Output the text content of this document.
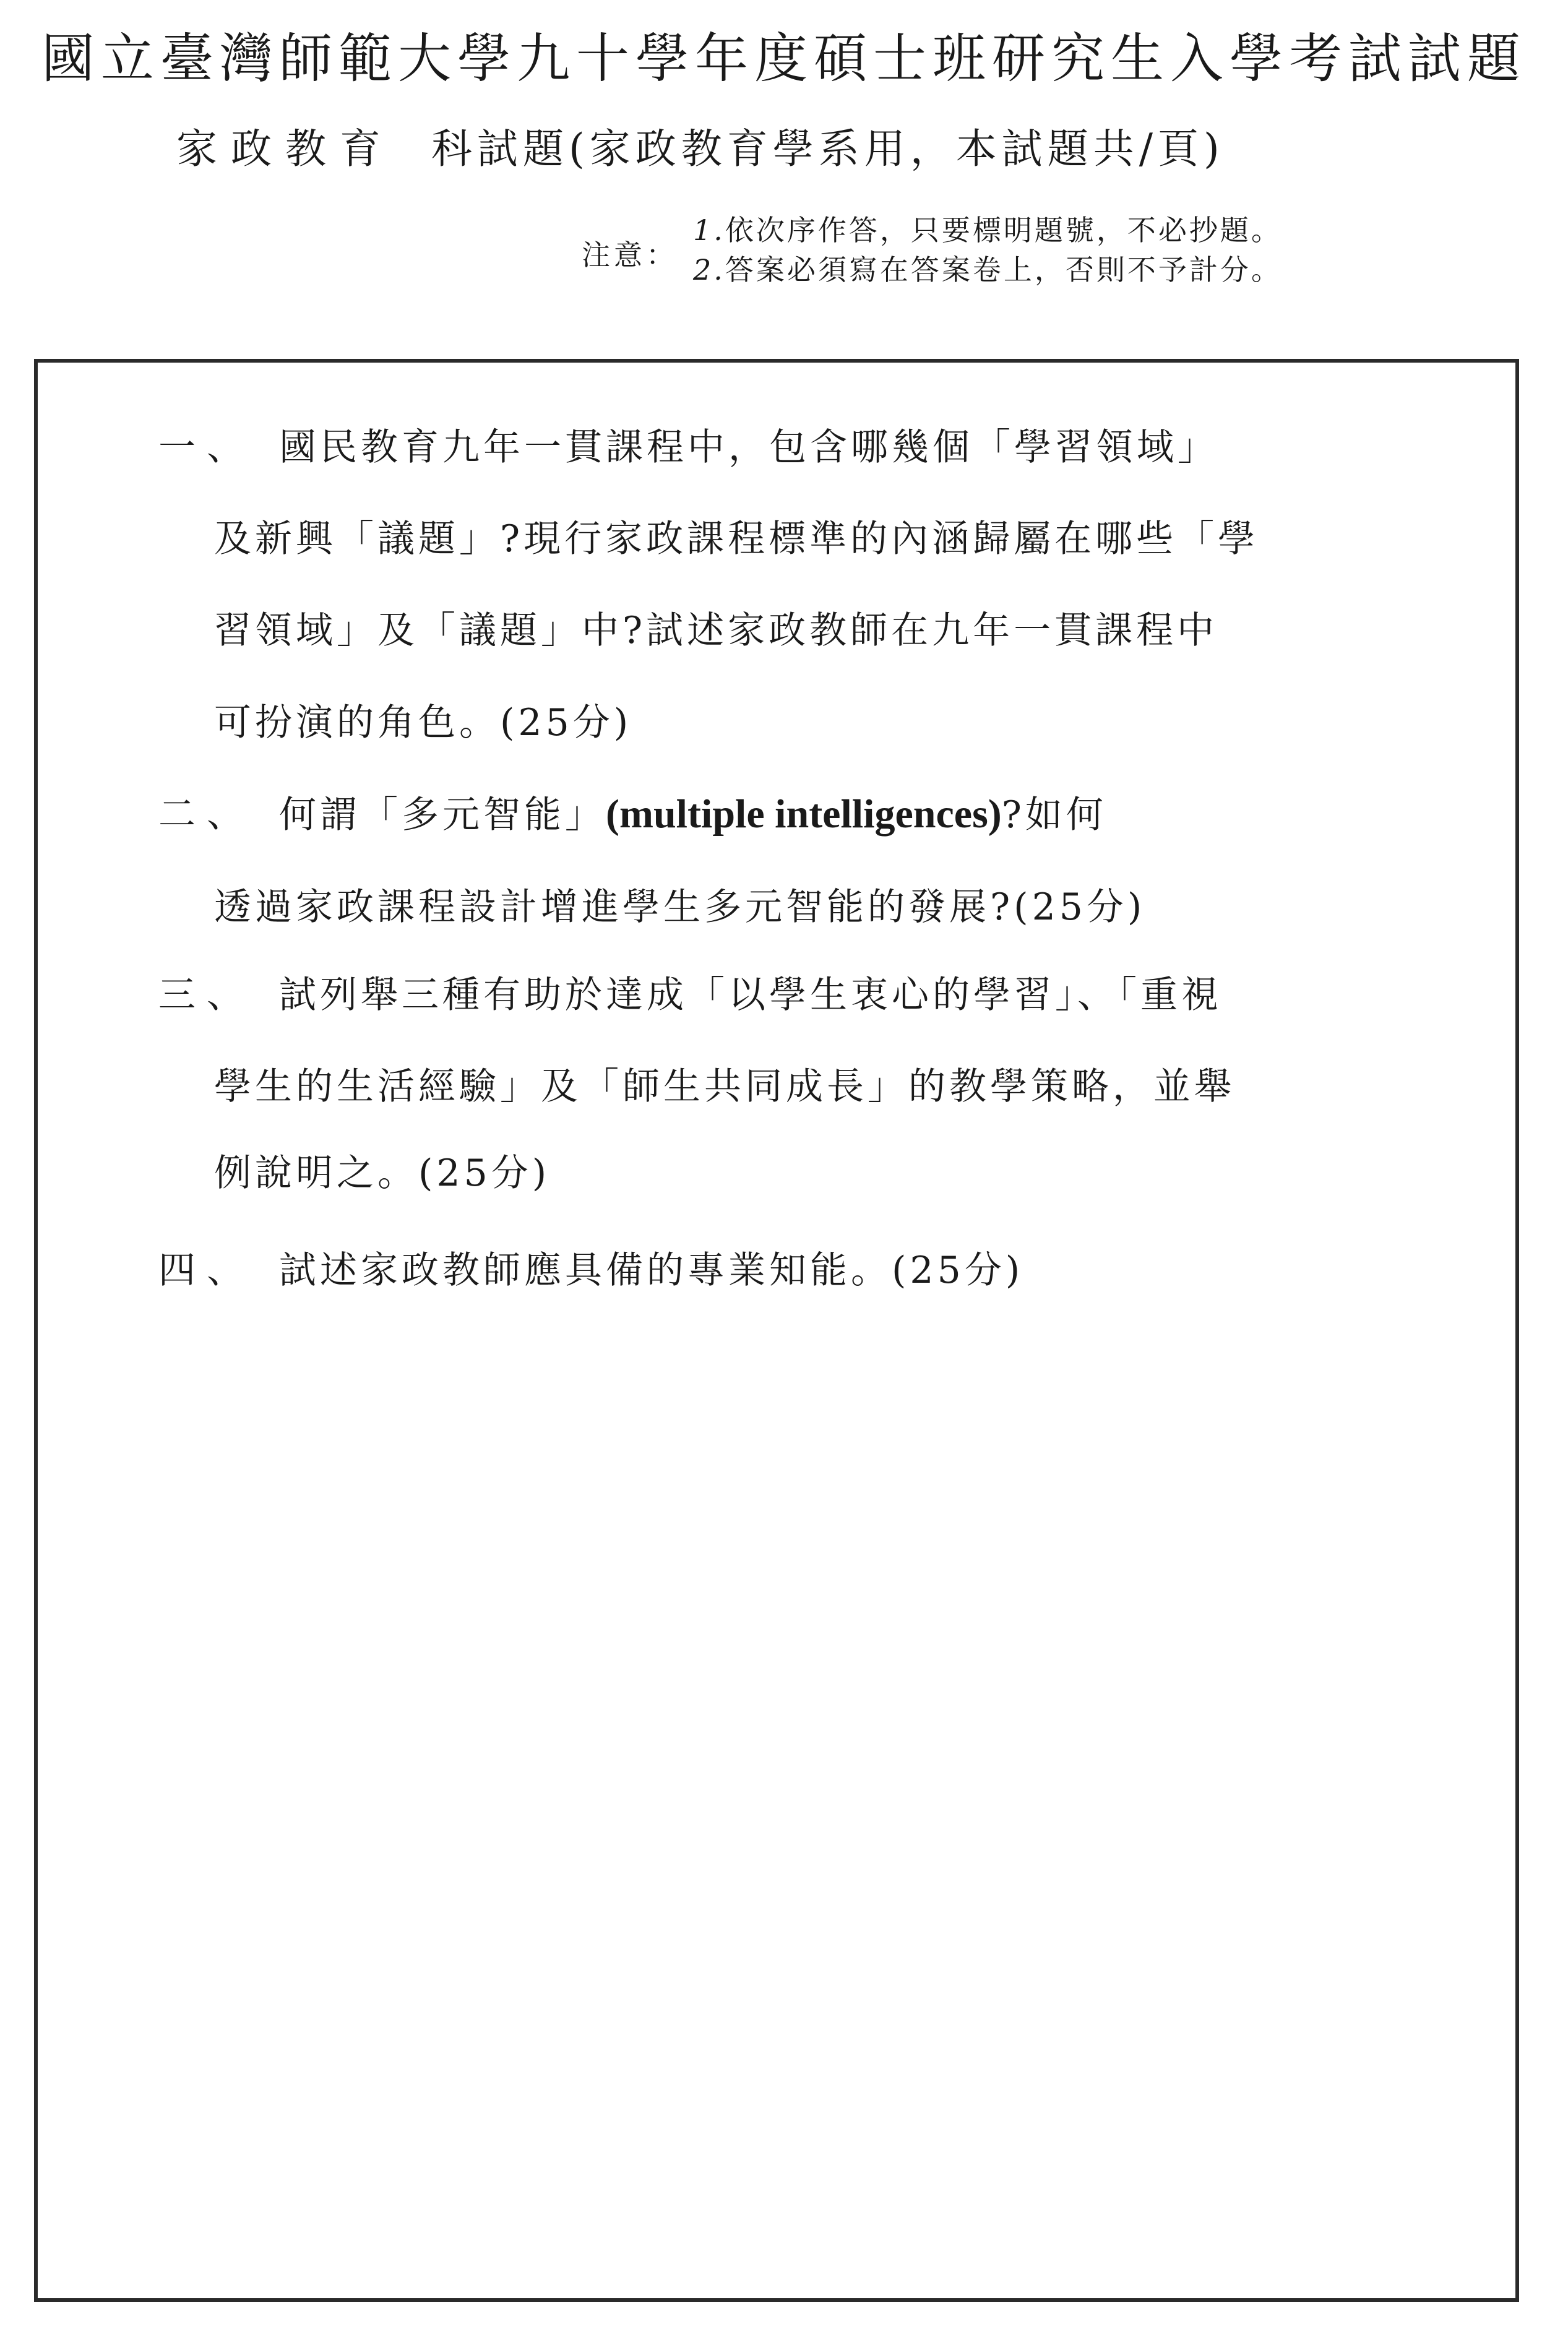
國立臺灣師範大學九十學年度碩士班研究生入學考試試題
家政教育 科試題(家政教育學系用，本試題共/頁)
注意：
1.依次序作答，只要標明題號，不必抄題。
2.答案必須寫在答案卷上，否則不予計分。
一、 國民教育九年一貫課程中，包含哪幾個「學習領域」
及新興「議題」?現行家政課程標準的內涵歸屬在哪些「學
習領域」及「議題」中?試述家政教師在九年一貫課程中
可扮演的角色。(25分)
二、 何謂「多元智能」(multiple intelligences)?如何
透過家政課程設計增進學生多元智能的發展?(25分)
三、 試列舉三種有助於達成「以學生衷心的學習」、「重視
學生的生活經驗」及「師生共同成長」的教學策略，並舉
例說明之。(25分)
四、 試述家政教師應具備的專業知能。(25分)
